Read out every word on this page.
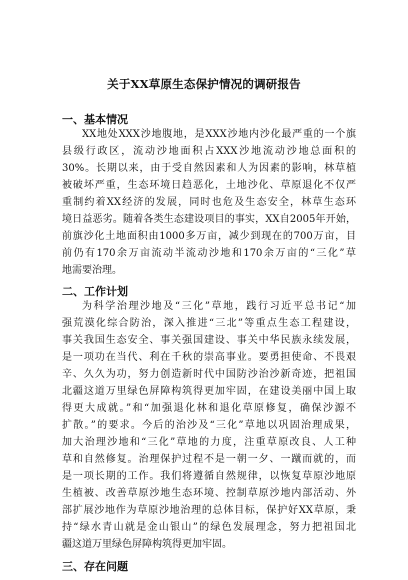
关于XX草原生态保护情况的调研报告
一、基本情况
XX地处XXX沙地腹地，是XXX沙地内沙化最严重的一个旗
县级行政区，流动沙地面积占XXX沙地流动沙地总面积的
30%。长期以来，由于受自然因素和人为因素的影响，林草植
被破坏严重，生态环境日趋恶化，土地沙化、草原退化不仅严
重制约着XX经济的发展，同时也危及生态安全，林草生态环
境日益恶劣。随着各类生态建设项目的事实，XX自2005年开始，
前旗沙化土地面积由1000多万亩，减少到现在的700万亩，目
前仍有170余万亩流动半流动沙地和170余万亩的“三化”草
地需要治理。
二、工作计划
为科学治理沙地及“三化”草地，践行习近平总书记“加
强荒漠化综合防治，深入推进“三北”等重点生态工程建设，
事关我国生态安全、事关强国建设、事关中华民族永续发展，
是一项功在当代、利在千秋的崇高事业。要勇担使命、不畏艰
辛、久久为功，努力创造新时代中国防沙治沙新奇迹，把祖国
北疆这道万里绿色屏障构筑得更加牢固，在建设美丽中国上取
得更大成就。”和“加强退化林和退化草原修复，确保沙源不
扩散。”的要求。今后的治沙及“三化”草地以巩固治理成果，
加大治理沙地和“三化”草地的力度，注重草原改良、人工种
草和自然修复。治理保护过程不是一朝一夕、一蹴而就的，而
是一项长期的工作。我们将遵循自然规律，以恢复草原沙地原
生植被、改善草原沙地生态环境、控制草原沙地内部活动、外
部扩展沙地作为草原沙地治理的总体目标，保护好XX草原，秉
持“绿水青山就是金山银山”的绿色发展理念，努力把祖国北
疆这道万里绿色屏障构筑得更加牢固。
三、存在问题
